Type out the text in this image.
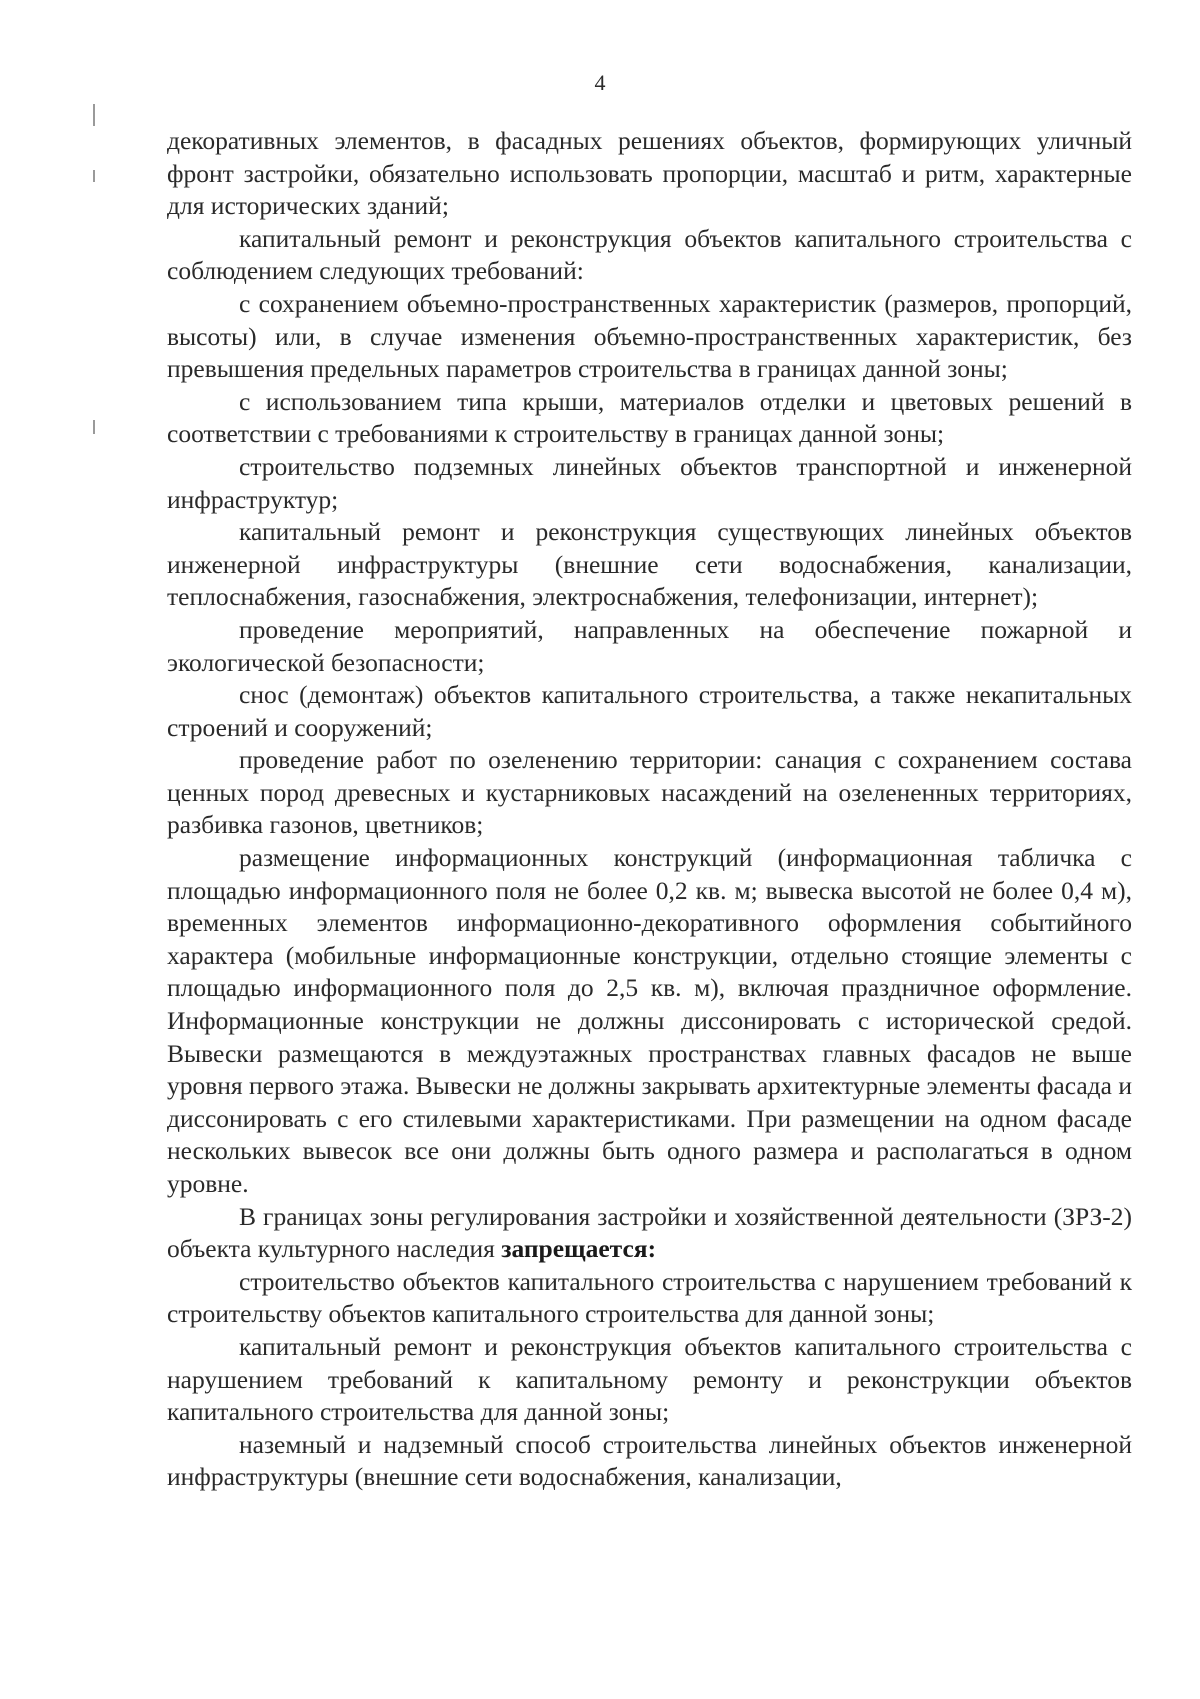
4

декоративных элементов, в фасадных решениях объектов, формирующих уличный фронт застройки, обязательно использовать пропорции, масштаб и ритм, характерные для исторических зданий;

капитальный ремонт и реконструкция объектов капитального строительства с соблюдением следующих требований:

с сохранением объемно-пространственных характеристик (размеров, пропорций, высоты) или, в случае изменения объемно-пространственных характеристик, без превышения предельных параметров строительства в границах данной зоны;

с использованием типа крыши, материалов отделки и цветовых решений в соответствии с требованиями к строительству в границах данной зоны;

строительство подземных линейных объектов транспортной и инженерной инфраструктур;

капитальный ремонт и реконструкция существующих линейных объектов инженерной инфраструктуры (внешние сети водоснабжения, канализации, теплоснабжения, газоснабжения, электроснабжения, телефонизации, интернет);

проведение мероприятий, направленных на обеспечение пожарной и экологической безопасности;

снос (демонтаж) объектов капитального строительства, а также некапитальных строений и сооружений;

проведение работ по озеленению территории: санация с сохранением состава ценных пород древесных и кустарниковых насаждений на озелененных территориях, разбивка газонов, цветников;

размещение информационных конструкций (информационная табличка с площадью информационного поля не более 0,2 кв. м; вывеска высотой не более 0,4 м), временных элементов информационно-декоративного оформления событийного характера (мобильные информационные конструкции, отдельно стоящие элементы с площадью информационного поля до 2,5 кв. м), включая праздничное оформление. Информационные конструкции не должны диссонировать с исторической средой. Вывески размещаются в междуэтажных пространствах главных фасадов не выше уровня первого этажа. Вывески не должны закрывать архитектурные элементы фасада и диссонировать с его стилевыми характеристиками. При размещении на одном фасаде нескольких вывесок все они должны быть одного размера и располагаться в одном уровне.

В границах зоны регулирования застройки и хозяйственной деятельности (ЗРЗ-2) объекта культурного наследия запрещается:

строительство объектов капитального строительства с нарушением требований к строительству объектов капитального строительства для данной зоны;

капитальный ремонт и реконструкция объектов капитального строительства с нарушением требований к капитальному ремонту и реконструкции объектов капитального строительства для данной зоны;

наземный и надземный способ строительства линейных объектов инженерной инфраструктуры (внешние сети водоснабжения, канализации,
